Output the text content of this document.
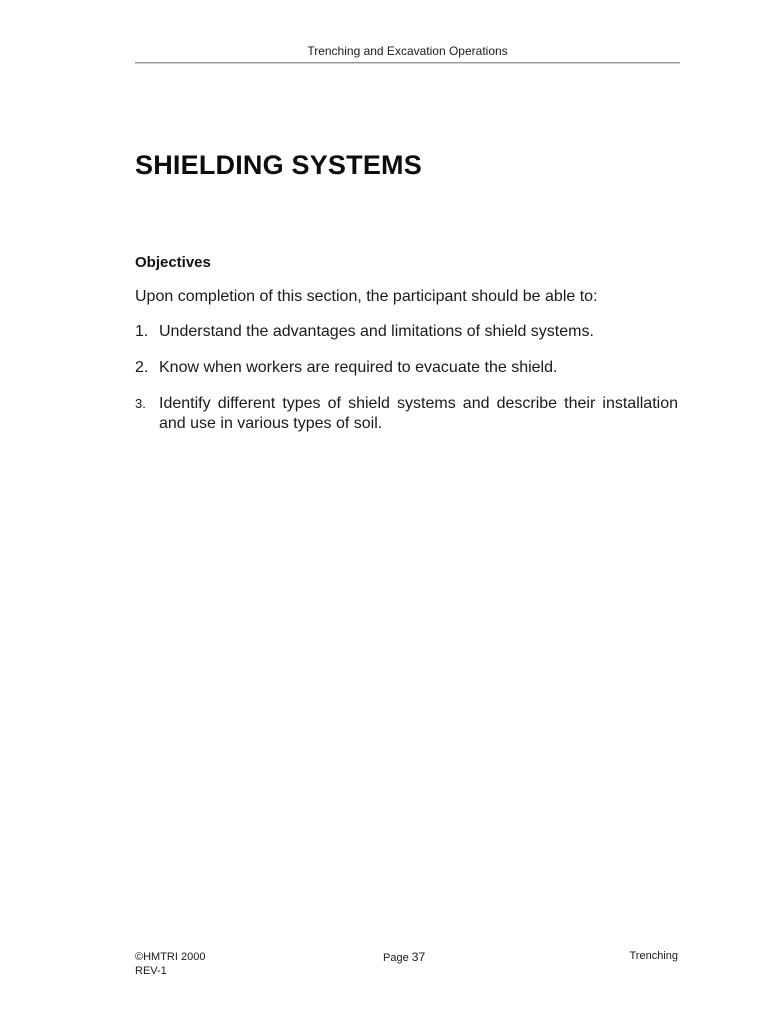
Trenching and Excavation Operations
SHIELDING SYSTEMS
Objectives

Upon completion of this section, the participant should be able to:

1. Understand the advantages and limitations of shield systems.
2. Know when workers are required to evacuate the shield.
3. Identify different types of shield systems and describe their installation and use in various types of soil.
©HMTRI 2000
REV-1
Page 37	Trenching
